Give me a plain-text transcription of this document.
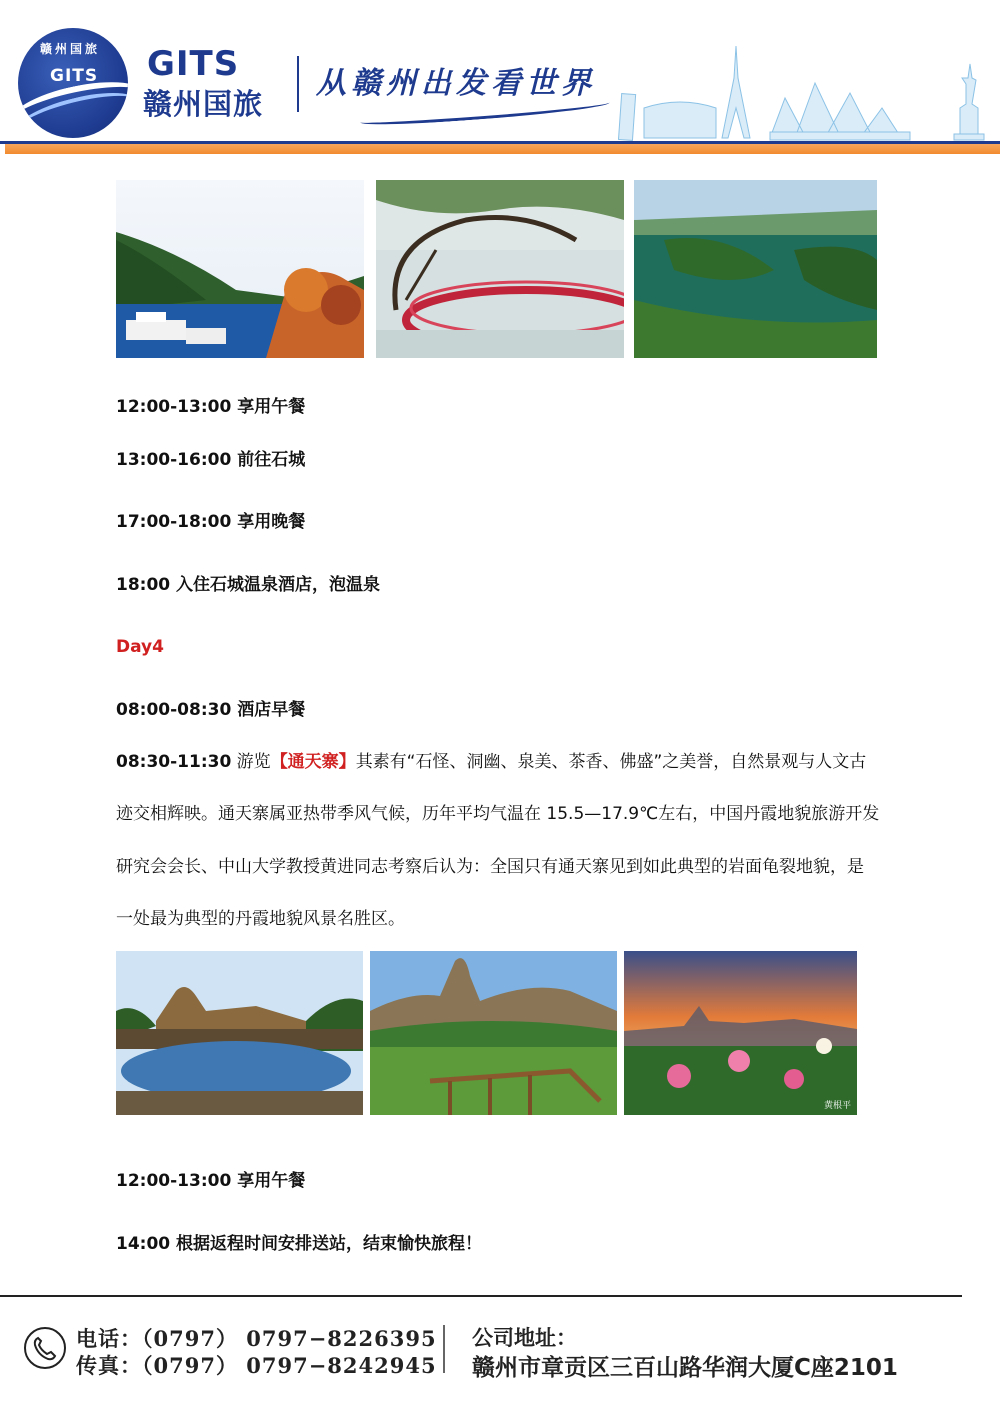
赣州国旅
GITS GITS
赣州国旅
从赣州出发看世界
12:00-13:00 享用午餐
13:00-16:00 前往石城
17:00-18:00 享用晚餐
18:00 入住石城温泉酒店，泡温泉
Day4
08:00-08:30 酒店早餐
08:30-11:30 游览【通天寨】其素有“石怪、洞幽、泉美、茶香、佛盛”之美誉，自然景观与人文古
迹交相辉映。通天寨属亚热带季风气候，历年平均气温在 15.5—17.9℃左右，中国丹霞地貌旅游开发
研究会会长、中山大学教授黄进同志考察后认为：全国只有通天寨见到如此典型的岩面龟裂地貌，是
一处最为典型的丹霞地貌风景名胜区。
黄根平
12:00-13:00 享用午餐
14:00 根据返程时间安排送站，结束愉快旅程！
电话：（0797） 0797−8226395
传真：（0797） 0797−8242945
公司地址：
赣州市章贡区三百山路华润大厦C座2101
